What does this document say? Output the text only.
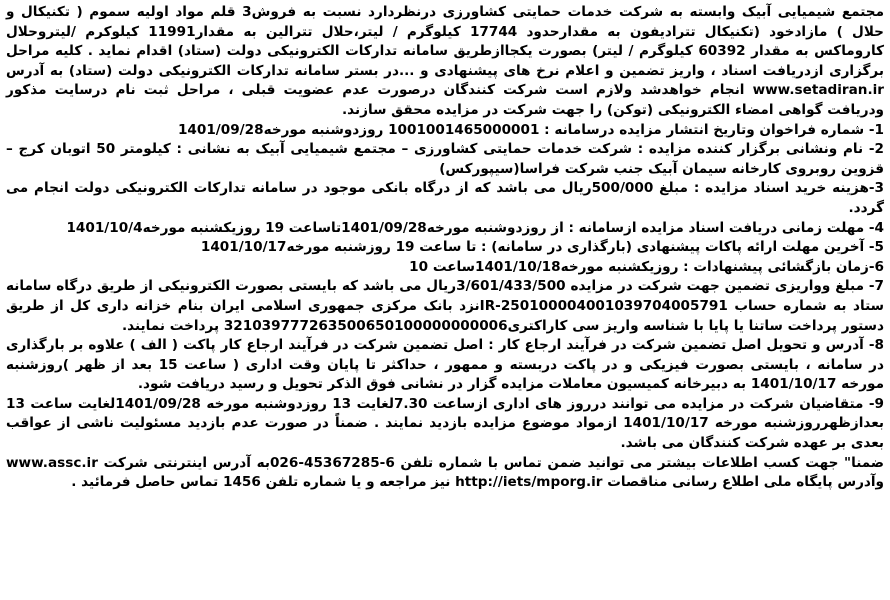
مجتمع شیمیایی آبیک وابسته به شرکت خدمات حمایتی کشاورزی درنظردارد نسبت به فروش3 قلم مواد اولیه سموم ( تکنیکال و حلال ) مازادخود (تکنیکال تترادیفون به مقدارحدود 17744 کیلوگرم / لیتر،حلال تترالین به مقدار11991 کیلوکرم /لیتروحلال کاروماکس به مقدار 60392 کیلوگرم / لیتر) بصورت یکجاازطریق سامانه تدارکات الکترونیکی دولت (ستاد) اقدام نماید . کلیه مراحل برگزاری ازدریافت اسناد ، واریز تضمین و اعلام نرخ های پیشنهادی و ...در بستر سامانه تدارکات الکترونیکی دولت (ستاد) به آدرس www.setadiran.ir انجام خواهدشد ولازم است شرکت کنندگان درصورت عدم عضویت قبلی ، مراحل ثبت نام درسایت مذکور ودریافت گواهی امضاء الکترونیکی (توکن) را جهت شرکت در مزایده محقق سازند.

1- شماره فراخوان وتاریخ انتشار مزایده درسامانه : 1001001465000001 روزدوشنبه مورخه1401/09/28

2- نام ونشانی برگزار کننده مزایده : شرکت خدمات حمایتی کشاورزی – مجتمع شیمیایی آبیک به نشانی : کیلومتر 50 اتوبان کرج – قزوین روبروی کارخانه سیمان آبیک جنب شرکت فراسا(سیپورکس)

3-هزینه خرید اسناد مزایده : مبلغ 500/000ریال می باشد که از درگاه بانکی موجود در سامانه تدارکات الکترونیکی دولت انجام می گردد.

4- مهلت زمانی دریافت اسناد مزایده ازسامانه : از روزدوشنبه مورخه1401/09/28تاساعت 19 روزیکشنبه مورخه1401/10/4

5- آخرین مهلت ارائه پاکات پیشنهادی (بارگذاری در سامانه) : تا ساعت 19 روزشنبه مورخه1401/10/17

6-زمان بازگشائی پیشنهادات : روزیکشنبه مورخه1401/10/18ساعت 10

7- مبلغ وواریزی تضمین جهت شرکت در مزایده 3/601/433/500ریال می باشد که بایستی بصورت الکترونیکی از طریق درگاه سامانه ستاد به شماره حساب IR-250100004001039704005791نزد بانک مرکزی جمهوری اسلامی ایران بنام خزانه داری کل از طریق دستور پرداخت ساتنا یا پایا با شناسه واریز سی کاراکتری321039777263500650100000000006 پرداخت نمایند.

8- آدرس و تحویل اصل تضمین شرکت در فرآیند ارجاع کار : اصل تضمین شرکت در فرآیند ارجاع کار پاکت ( الف ) علاوه بر بارگذاری در سامانه ، بایستی بصورت فیزیکی و در پاکت دربسته و ممهور ، حداکثر تا پایان وقت اداری ( ساعت 15 بعد از ظهر )روزشنبه مورخه 1401/10/17 به دبیرخانه کمیسیون معاملات مزایده گزار در نشانی فوق الذکر تحویل و رسید دریافت شود.

9- متقاضیان شرکت در مزایده می توانند درروز های اداری ازساعت 7.30لغایت 13 روزدوشنبه مورخه 1401/09/28لغایت ساعت 13 بعدازظهرروزشنبه مورخه 1401/10/17 ازمواد موضوع مزایده بازدید نمایند . ضمناً در صورت عدم بازدید مسئولیت ناشی از عواقب بعدی بر عهده شرکت کنندگان می باشد.

ضمنا" جهت کسب اطلاعات بیشتر می توانید ضمن تماس با شماره تلفن 6-45367285-026به آدرس اینترنتی شرکت www.assc.ir وآدرس پایگاه ملی اطلاع رسانی مناقصات http://iets/mporg.ir نیز مراجعه و یا شماره تلفن 1456 تماس حاصل فرمائید .
